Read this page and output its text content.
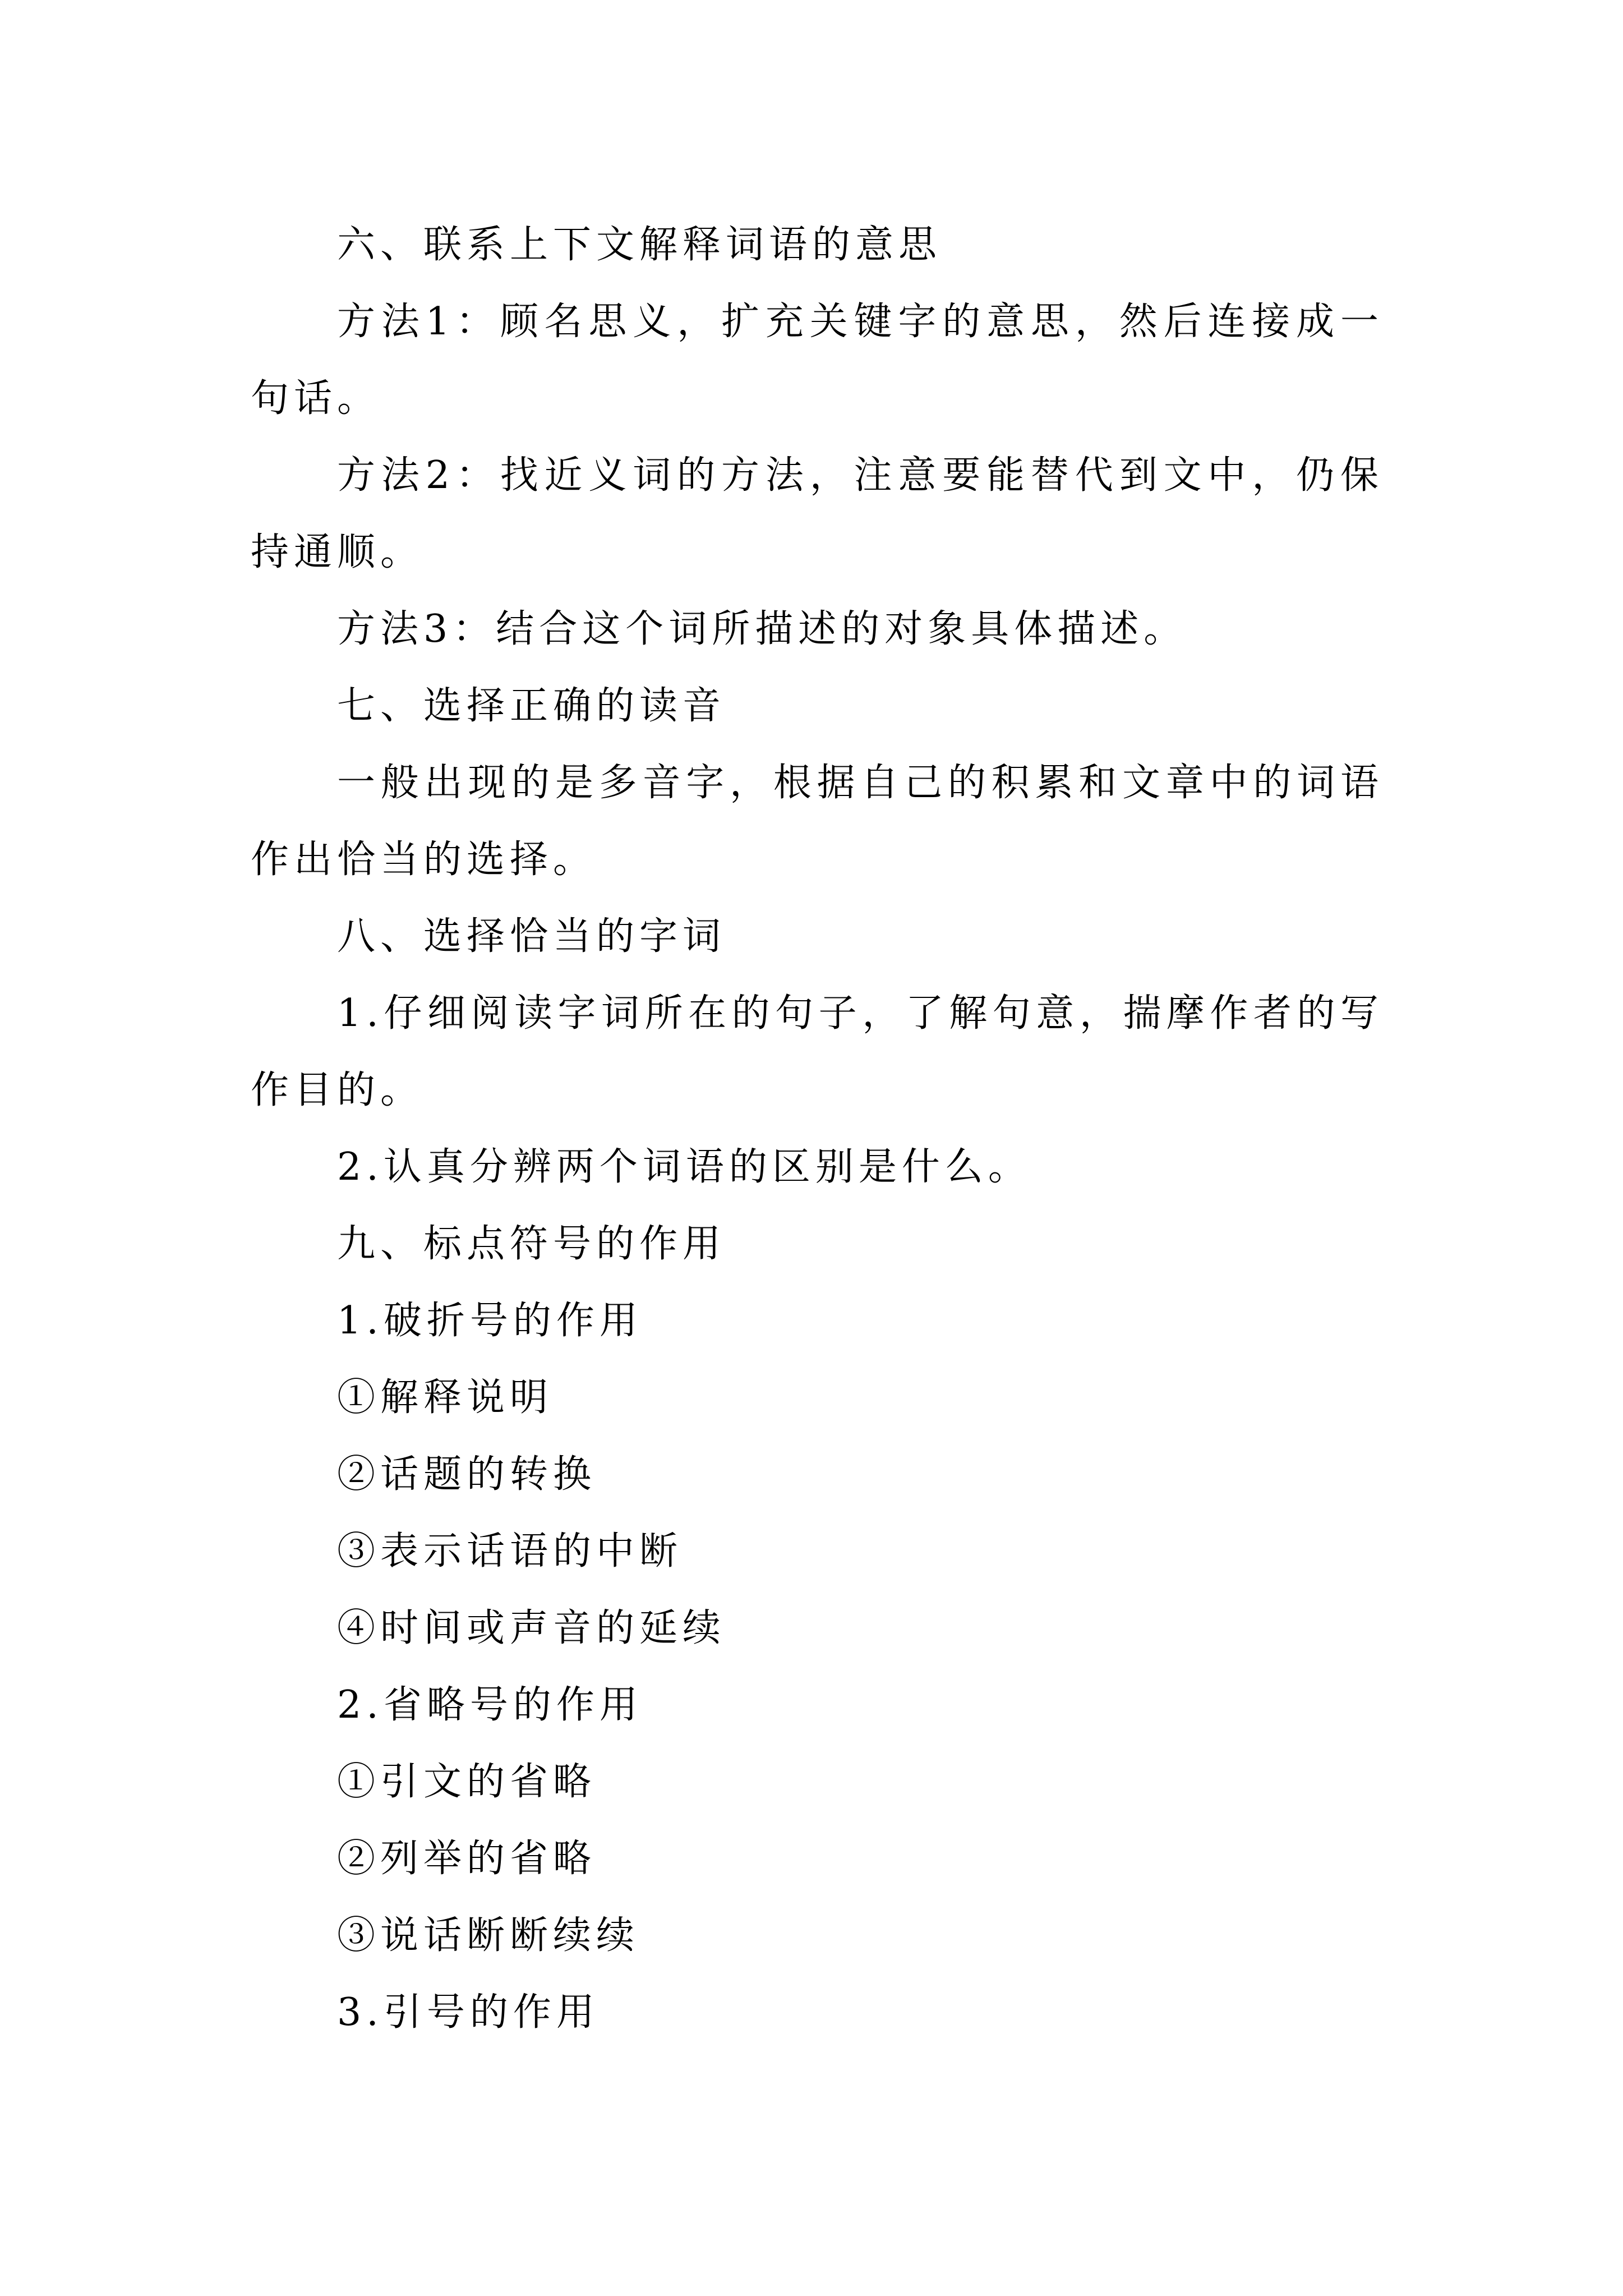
六、联系上下文解释词语的意思

方法1：顾名思义，扩充关键字的意思，然后连接成一句话。

方法2：找近义词的方法，注意要能替代到文中，仍保持通顺。

方法3：结合这个词所描述的对象具体描述。

七、选择正确的读音

一般出现的是多音字，根据自己的积累和文章中的词语作出恰当的选择。

八、选择恰当的字词

1.仔细阅读字词所在的句子，了解句意，揣摩作者的写作目的。

2.认真分辨两个词语的区别是什么。

九、标点符号的作用

1.破折号的作用

①解释说明

②话题的转换

③表示话语的中断

④时间或声音的延续

2.省略号的作用

①引文的省略

②列举的省略

③说话断断续续

3.引号的作用
